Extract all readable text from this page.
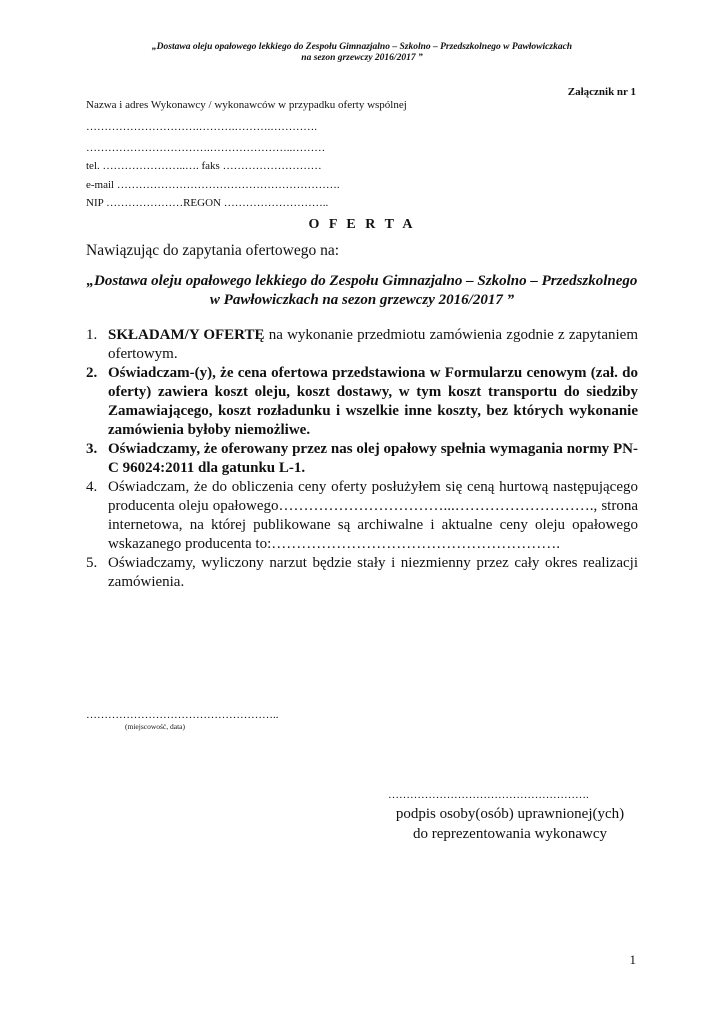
„Dostawa oleju opałowego lekkiego do Zespołu Gimnazjalno – Szkolno – Przedszkolnego w Pawłowiczkach
na sezon grzewczy 2016/2017 ”
Załącznik nr 1
Nazwa i adres Wykonawcy / wykonawców w przypadku oferty wspólnej
………………………….……….……….………….
…………………………….…………………..………
tel. …………………..…. faks ………………………
e-mail …………………………………………………….
NIP …………………REGON ………………………..
O F E R T A
Nawiązując do zapytania ofertowego na:
„Dostawa oleju opałowego lekkiego do Zespołu Gimnazjalno – Szkolno – Przedszkolnego
w Pawłowiczkach na sezon grzewczy 2016/2017 ”
1. SKŁADAM/Y OFERTĘ na wykonanie przedmiotu zamówienia zgodnie z zapytaniem ofertowym.
2. Oświadczam-(y), że cena ofertowa przedstawiona w Formularzu cenowym (zał. do oferty) zawiera koszt oleju, koszt dostawy, w tym koszt transportu do siedziby Zamawiającego, koszt rozładunku i wszelkie inne koszty, bez których wykonanie zamówienia byłoby niemożliwe.
3. Oświadczamy, że oferowany przez nas olej opałowy spełnia wymagania normy PN-C 96024:2011 dla gatunku L-1.
4. Oświadczam, że do obliczenia ceny oferty posłużyłem się ceną hurtową następującego producenta oleju opałowego……………………………...………………………., strona internetowa, na której publikowane są archiwalne i aktualne ceny oleju opałowego wskazanego producenta to:………………………………………………….
5. Oświadczamy, wyliczony narzut będzie stały i niezmienny przez cały okres realizacji zamówienia.
……………………………………………..
(miejscowość, data)
……………………………………………….
podpis osoby(osób) uprawnionej(ych)
do reprezentowania wykonawcy
1
